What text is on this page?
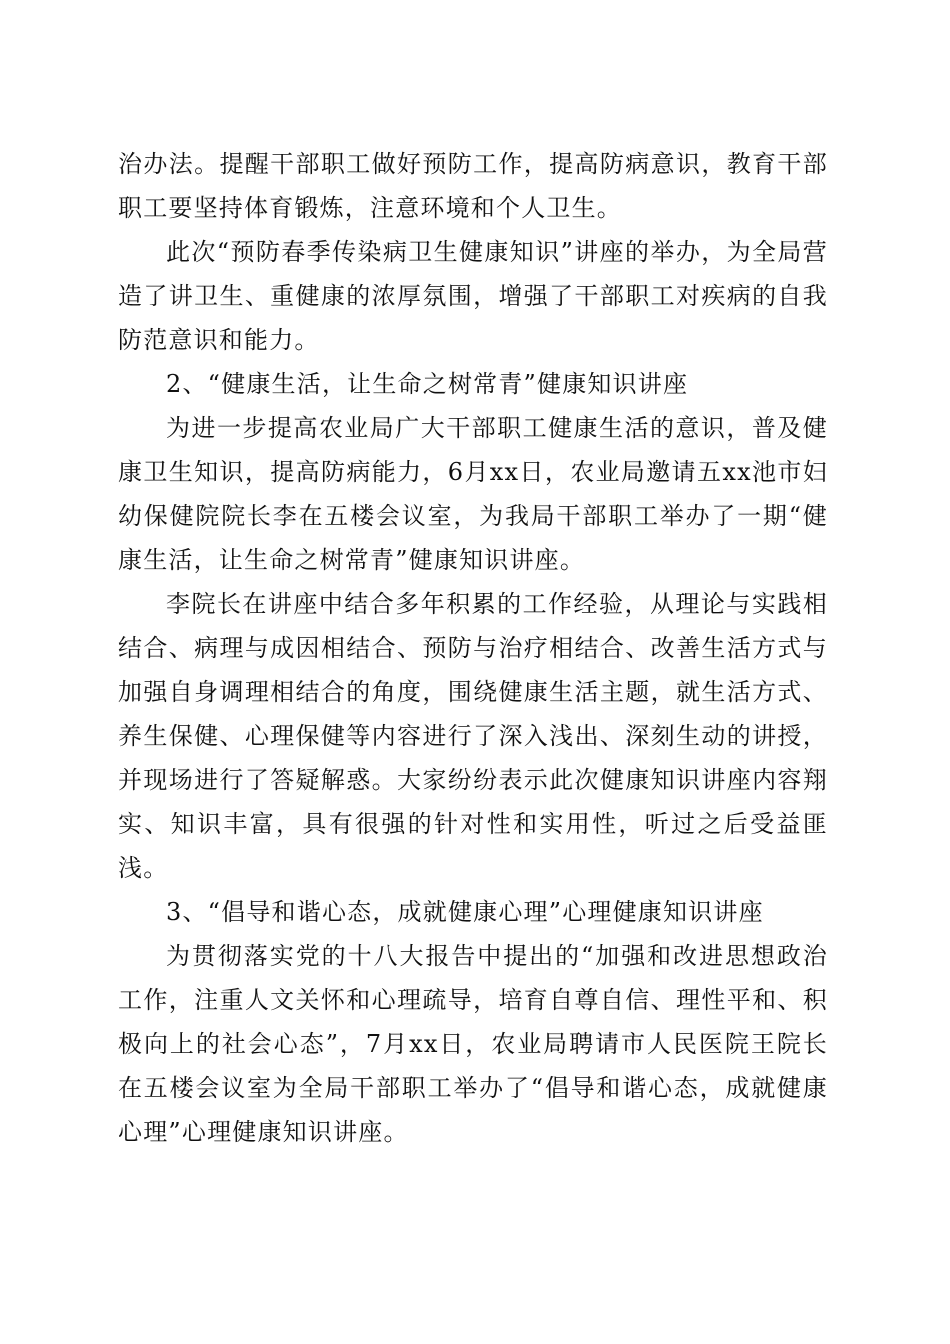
治办法。提醒干部职工做好预防工作，提高防病意识，教育干部职工要坚持体育锻炼，注意环境和个人卫生。

此次“预防春季传染病卫生健康知识”讲座的举办，为全局营造了讲卫生、重健康的浓厚氛围，增强了干部职工对疾病的自我防范意识和能力。

2、“健康生活，让生命之树常青”健康知识讲座

为进一步提高农业局广大干部职工健康生活的意识，普及健康卫生知识，提高防病能力，6月xx日，农业局邀请五xx池市妇幼保健院院长李在五楼会议室，为我局干部职工举办了一期“健康生活，让生命之树常青”健康知识讲座。

李院长在讲座中结合多年积累的工作经验，从理论与实践相结合、病理与成因相结合、预防与治疗相结合、改善生活方式与加强自身调理相结合的角度，围绕健康生活主题，就生活方式、养生保健、心理保健等内容进行了深入浅出、深刻生动的讲授，并现场进行了答疑解惑。大家纷纷表示此次健康知识讲座内容翔实、知识丰富，具有很强的针对性和实用性，听过之后受益匪浅。

3、“倡导和谐心态，成就健康心理”心理健康知识讲座

为贯彻落实党的十八大报告中提出的“加强和改进思想政治工作，注重人文关怀和心理疏导，培育自尊自信、理性平和、积极向上的社会心态”，7月xx日，农业局聘请市人民医院王院长在五楼会议室为全局干部职工举办了“倡导和谐心态，成就健康心理”心理健康知识讲座。
